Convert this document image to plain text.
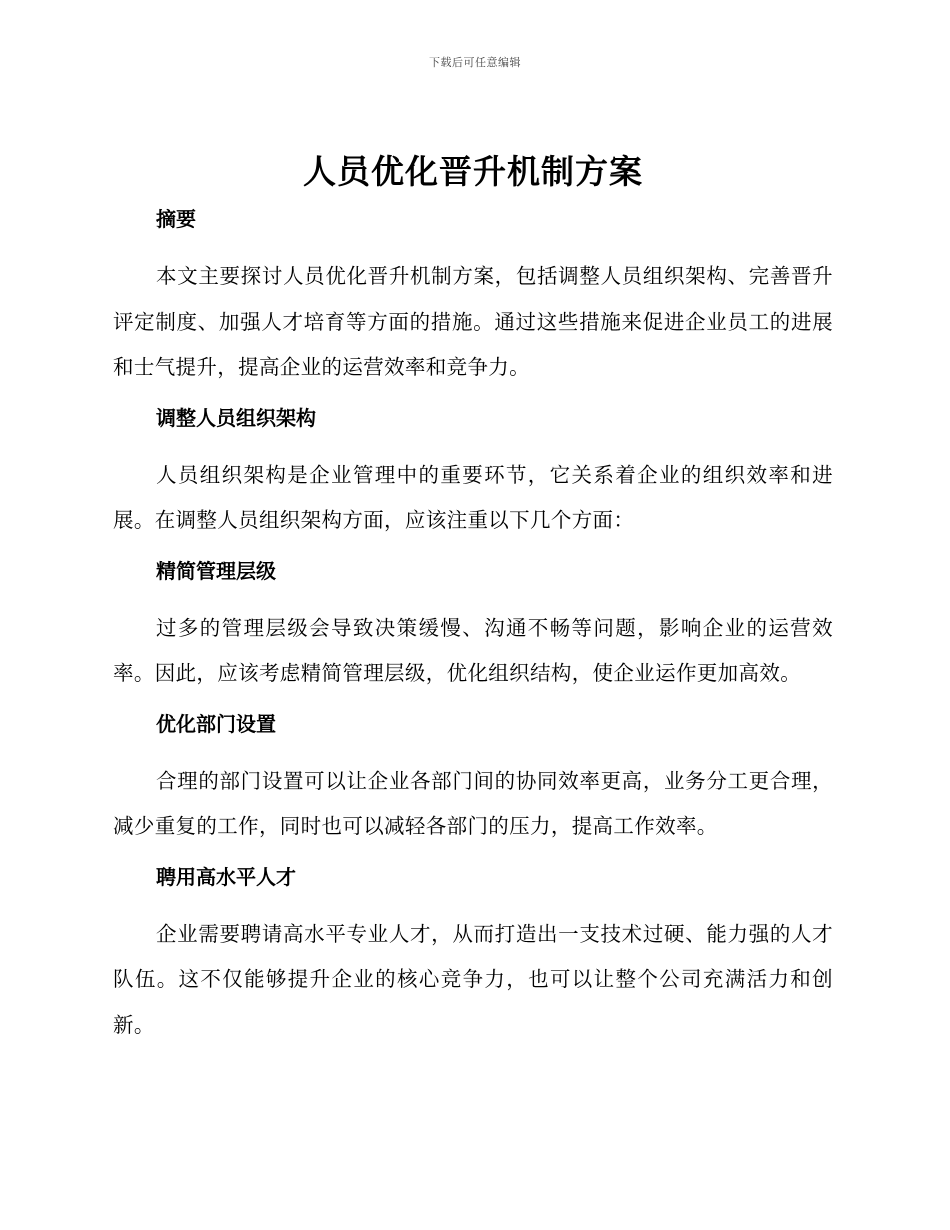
下载后可任意编辑
人员优化晋升机制方案
摘要

本文主要探讨人员优化晋升机制方案，包括调整人员组织架构、完善晋升评定制度、加强人才培育等方面的措施。通过这些措施来促进企业员工的进展和士气提升，提高企业的运营效率和竞争力。

调整人员组织架构

人员组织架构是企业管理中的重要环节，它关系着企业的组织效率和进展。在调整人员组织架构方面，应该注重以下几个方面：

精简管理层级

过多的管理层级会导致决策缓慢、沟通不畅等问题，影响企业的运营效率。因此，应该考虑精简管理层级，优化组织结构，使企业运作更加高效。

优化部门设置

合理的部门设置可以让企业各部门间的协同效率更高，业务分工更合理，减少重复的工作，同时也可以减轻各部门的压力，提高工作效率。

聘用高水平人才

企业需要聘请高水平专业人才，从而打造出一支技术过硬、能力强的人才队伍。这不仅能够提升企业的核心竞争力，也可以让整个公司充满活力和创新。
